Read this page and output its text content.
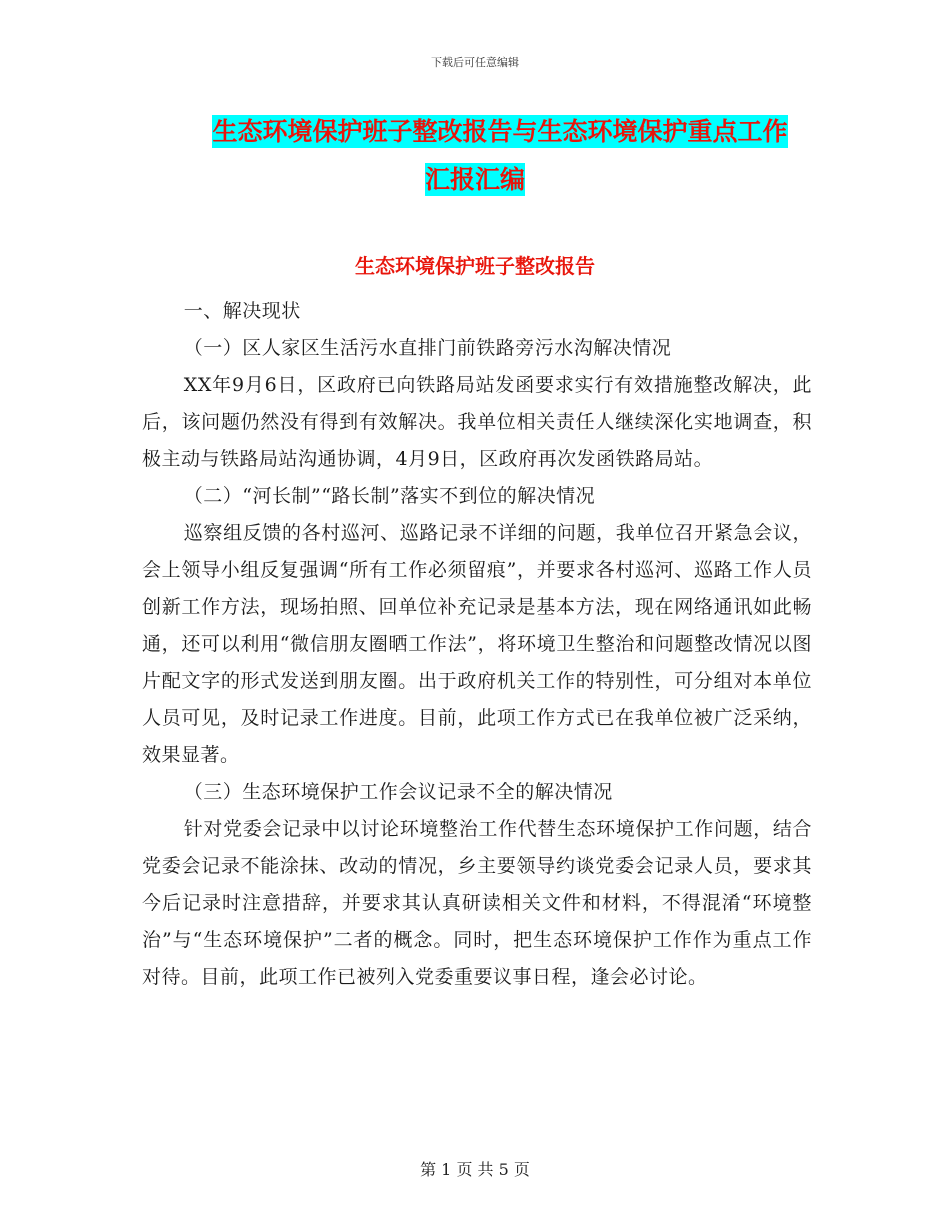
下载后可任意编辑
生态环境保护班子整改报告与生态环境保护重点工作
汇报汇编
生态环境保护班子整改报告

一、解决现状

（一）区人家区生活污水直排门前铁路旁污水沟解决情况

XX年9月6日，区政府已向铁路局站发函要求实行有效措施整改解决，此后，该问题仍然没有得到有效解决。我单位相关责任人继续深化实地调查，积极主动与铁路局站沟通协调，4月9日，区政府再次发函铁路局站。

（二）“河长制”“路长制”落实不到位的解决情况

巡察组反馈的各村巡河、巡路记录不详细的问题，我单位召开紧急会议，会上领导小组反复强调“所有工作必须留痕”，并要求各村巡河、巡路工作人员创新工作方法，现场拍照、回单位补充记录是基本方法，现在网络通讯如此畅通，还可以利用“微信朋友圈晒工作法”，将环境卫生整治和问题整改情况以图片配文字的形式发送到朋友圈。出于政府机关工作的特别性，可分组对本单位人员可见，及时记录工作进度。目前，此项工作方式已在我单位被广泛采纳，效果显著。

（三）生态环境保护工作会议记录不全的解决情况

针对党委会记录中以讨论环境整治工作代替生态环境保护工作问题，结合党委会记录不能涂抹、改动的情况，乡主要领导约谈党委会记录人员，要求其今后记录时注意措辞，并要求其认真研读相关文件和材料，不得混淆“环境整治”与“生态环境保护”二者的概念。同时，把生态环境保护工作作为重点工作对待。目前，此项工作已被列入党委重要议事日程，逢会必讨论。

第 1 页 共 5 页
